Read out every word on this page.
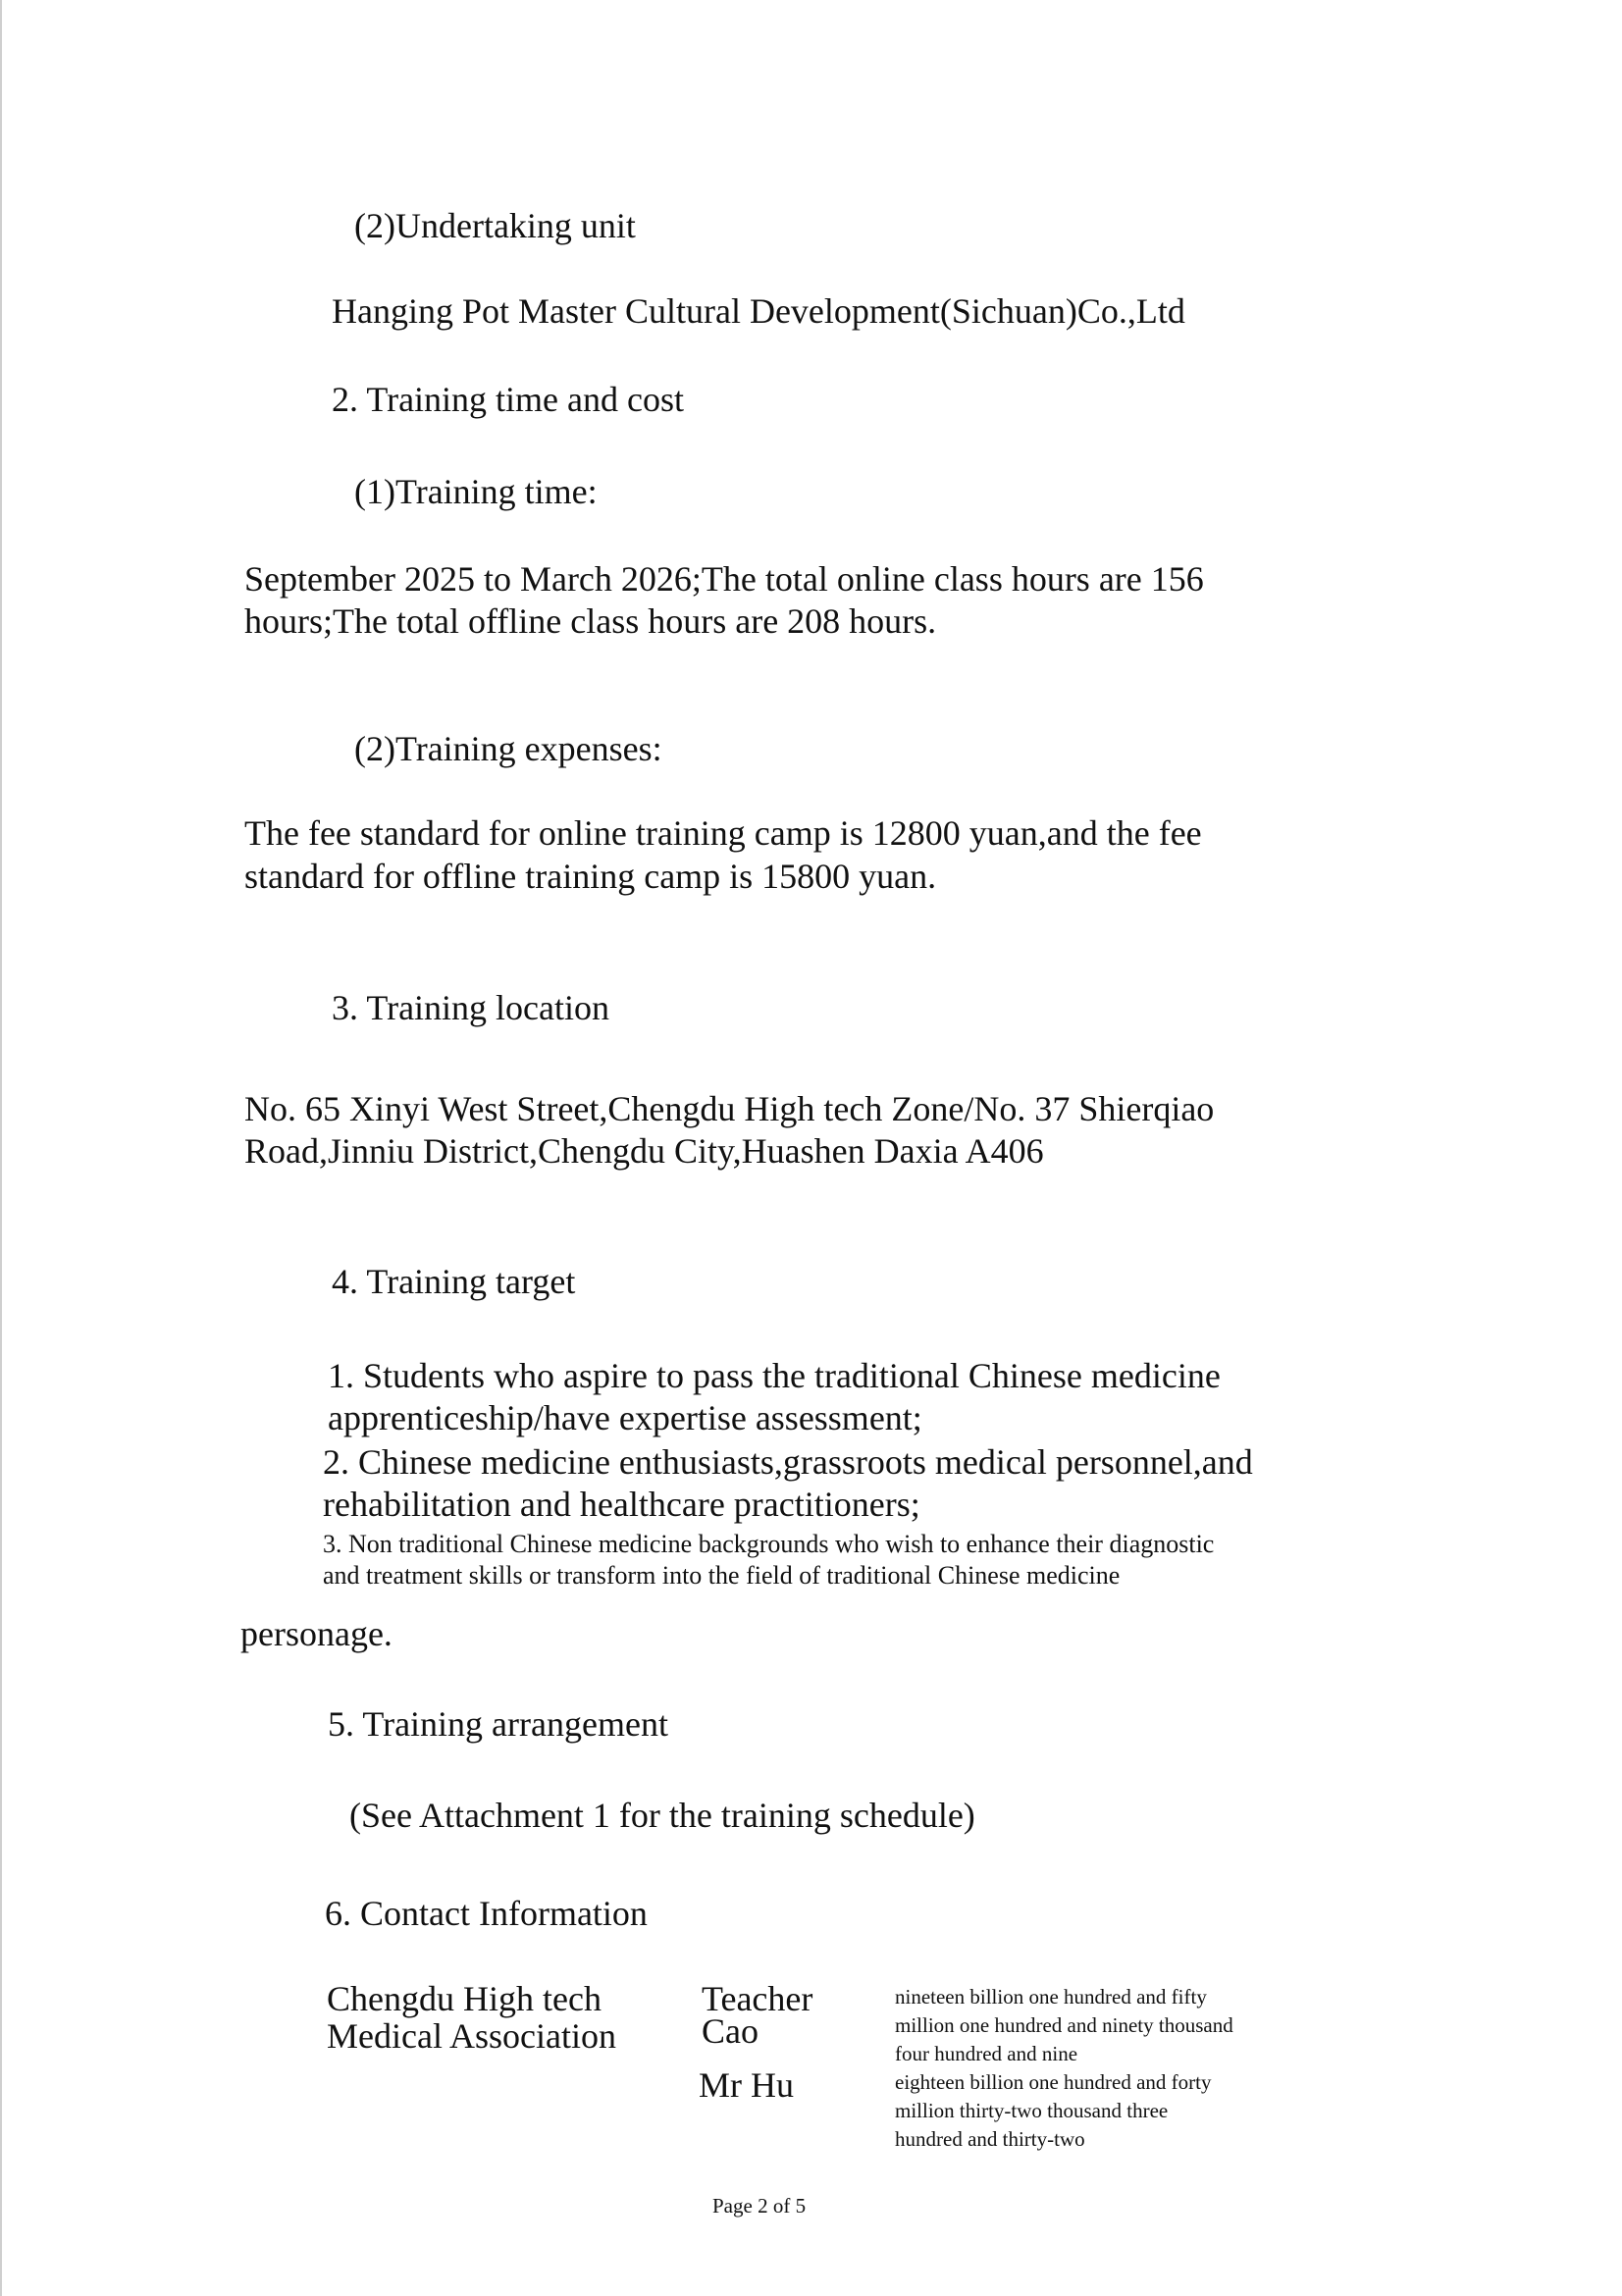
(2)Undertaking unit
Hanging Pot Master Cultural Development(Sichuan)Co.,Ltd
2. Training time and cost
(1)Training time:
September 2025 to March 2026;The total online class hours are 156
hours;The total offline class hours are 208 hours.
(2)Training expenses:
The fee standard for online training camp is 12800 yuan,and the fee
standard for offline training camp is 15800 yuan.
3. Training location
No. 65 Xinyi West Street,Chengdu High tech Zone/No. 37 Shierqiao
Road,Jinniu District,Chengdu City,Huashen Daxia A406
4. Training target
1. Students who aspire to pass the traditional Chinese medicine
apprenticeship/have expertise assessment;
2. Chinese medicine enthusiasts,grassroots medical personnel,and
rehabilitation and healthcare practitioners;
3. Non traditional Chinese medicine backgrounds who wish to enhance their diagnostic
and treatment skills or transform into the field of traditional Chinese medicine
personage.
5. Training arrangement
(See Attachment 1 for the training schedule)
6. Contact Information
Chengdu High tech
Medical Association
Teacher
Cao
nineteen billion one hundred and fifty
million one hundred and ninety thousand
four hundred and nine
Mr Hu	eighteen billion one hundred and forty
million thirty-two thousand three
hundred and thirty-two
Page 2 of 5
